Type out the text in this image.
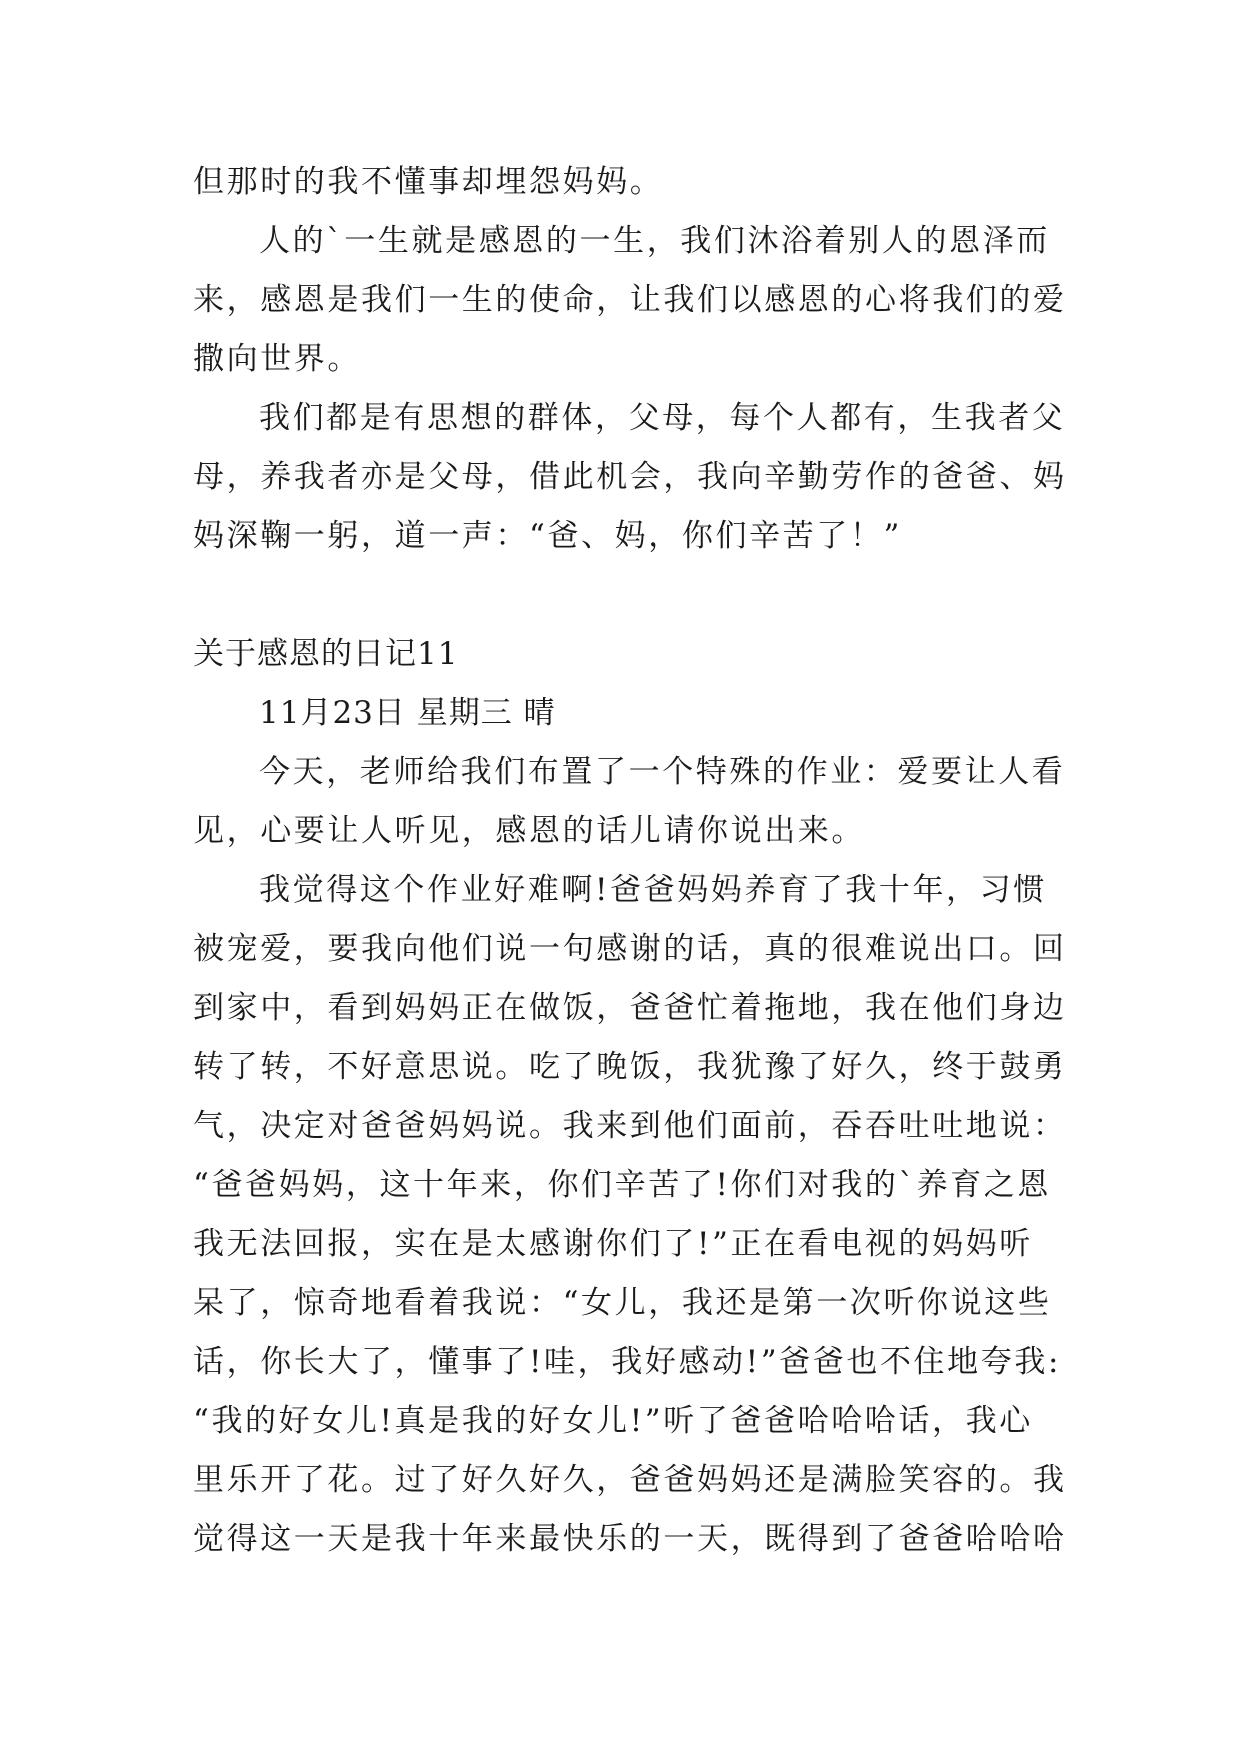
但那时的我不懂事却埋怨妈妈。
人的`一生就是感恩的一生，我们沐浴着别人的恩泽而
来，感恩是我们一生的使命，让我们以感恩的心将我们的爱
撒向世界。
我们都是有思想的群体，父母，每个人都有，生我者父
母，养我者亦是父母，借此机会，我向辛勤劳作的爸爸、妈
妈深鞠一躬，道一声：“爸、妈，你们辛苦了！”
关于感恩的日记11
11月23日 星期三 晴
今天，老师给我们布置了一个特殊的作业：爱要让人看
见，心要让人听见，感恩的话儿请你说出来。
我觉得这个作业好难啊!爸爸妈妈养育了我十年，习惯
被宠爱，要我向他们说一句感谢的话，真的很难说出口。回
到家中，看到妈妈正在做饭，爸爸忙着拖地，我在他们身边
转了转，不好意思说。吃了晚饭，我犹豫了好久，终于鼓勇
气，决定对爸爸妈妈说。我来到他们面前，吞吞吐吐地说：
“爸爸妈妈，这十年来，你们辛苦了!你们对我的`养育之恩
我无法回报，实在是太感谢你们了!”正在看电视的妈妈听
呆了，惊奇地看着我说：“女儿，我还是第一次听你说这些
话，你长大了，懂事了!哇，我好感动!”爸爸也不住地夸我:
“我的好女儿!真是我的好女儿!”听了爸爸哈哈哈话，我心
里乐开了花。过了好久好久，爸爸妈妈还是满脸笑容的。我
觉得这一天是我十年来最快乐的一天，既得到了爸爸哈哈哈
